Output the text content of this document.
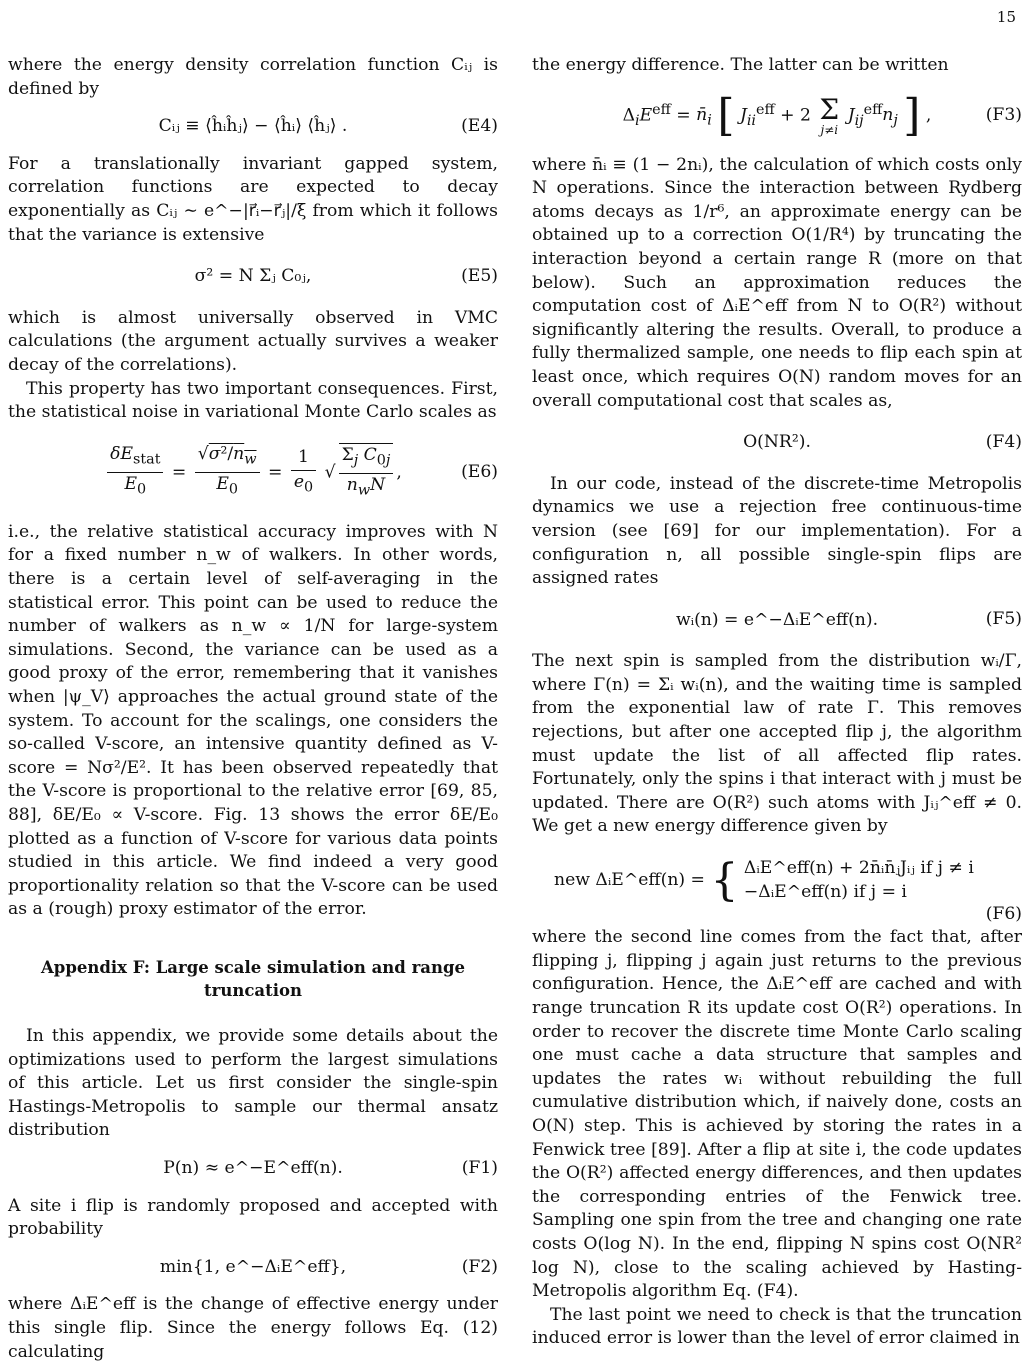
15

where the energy density correlation function Cᵢⱼ is defined by

Cᵢⱼ ≡ ⟨ĥᵢĥⱼ⟩ − ⟨ĥᵢ⟩ ⟨ĥⱼ⟩ .	(E4)

For a translationally invariant gapped system, correlation functions are expected to decay exponentially as Cᵢⱼ ∼ e^−|r⃗ᵢ−r⃗ⱼ|/ξ from which it follows that the variance is extensive

σ² = N Σⱼ C₀ⱼ,	(E5)

which is almost universally observed in VMC calculations (the argument actually survives a weaker decay of the correlations).

This property has two important consequences. First, the statistical noise in variational Monte Carlo scales as

$\frac{\delta E_{stat}}{E_0} = \frac{√\sigma^2/n_w}{E_0} = \frac{1}{e_0}$ √ $\frac{\Sigma_j C_{0j}}{n_wN}$ ,	(E6)

i.e., the relative statistical accuracy improves with N for a fixed number n_w of walkers. In other words, there is a certain level of self-averaging in the statistical error. This point can be used to reduce the number of walkers as n_w ∝ 1/N for large-system simulations. Second, the variance can be used as a good proxy of the error, remembering that it vanishes when |ψ_V⟩ approaches the actual ground state of the system. To account for the scalings, one considers the so-called V-score, an intensive quantity defined as V-score = Nσ²/E². It has been observed repeatedly that the V-score is proportional to the relative error [69, 85, 88], δE/E₀ ∝ V-score. Fig. 13 shows the error δE/E₀ plotted as a function of V-score for various data points studied in this article. We find indeed a very good proportionality relation so that the V-score can be used as a (rough) proxy estimator of the error.

Appendix F: Large scale simulation and range truncation

In this appendix, we provide some details about the optimizations used to perform the largest simulations of this article. Let us first consider the single-spin Hastings-Metropolis to sample our thermal ansatz distribution

P(n) ≈ e^−E^eff(n).	(F1)

A site i flip is randomly proposed and accepted with probability

min{1, e^−ΔᵢE^eff},	(F2)

where ΔᵢE^eff is the change of effective energy under this single flip. Since the energy follows Eq. (12) calculating

the energy difference. The latter can be written

$\Delta_iE^{eff}$ = $n̄_i$ [ $J_{ii}^{eff} + 2$ Σ
j≠i
$J_{ij}^{eff}n_j$ ] ,	(F3)

where n̄ᵢ ≡ (1 − 2nᵢ), the calculation of which costs only N operations. Since the interaction between Rydberg atoms decays as 1/r⁶, an approximate energy can be obtained up to a correction O(1/R⁴) by truncating the interaction beyond a certain range R (more on that below). Such an approximation reduces the computation cost of ΔᵢE^eff from N to O(R²) without significantly altering the results. Overall, to produce a fully thermalized sample, one needs to flip each spin at least once, which requires O(N) random moves for an overall computational cost that scales as,

O(NR²).	(F4)

In our code, instead of the discrete-time Metropolis dynamics we use a rejection free continuous-time version (see [69] for our implementation). For a configuration n, all possible single-spin flips are assigned rates

wᵢ(n) = e^−ΔᵢE^eff(n).	(F5)

The next spin is sampled from the distribution wᵢ/Γ, where Γ(n) = Σᵢ wᵢ(n), and the waiting time is sampled from the exponential law of rate Γ. This removes rejections, but after one accepted flip j, the algorithm must update the list of all affected flip rates. Fortunately, only the spins i that interact with j must be updated. There are O(R²) such atoms with Jᵢⱼ^eff ≠ 0. We get a new energy difference given by

new ΔᵢE^eff(n) = { ΔᵢE^eff(n) + 2n̄ᵢn̄ⱼJᵢⱼ if j ≠ i
−ΔᵢE^eff(n) if j = i
(F6)

where the second line comes from the fact that, after flipping j, flipping j again just returns to the previous configuration. Hence, the ΔᵢE^eff are cached and with range truncation R its update cost O(R²) operations. In order to recover the discrete time Monte Carlo scaling one must cache a data structure that samples and updates the rates wᵢ without rebuilding the full cumulative distribution which, if naively done, costs an O(N) step. This is achieved by storing the rates in a Fenwick tree [89]. After a flip at site i, the code updates the O(R²) affected energy differences, and then updates the corresponding entries of the Fenwick tree. Sampling one spin from the tree and changing one rate costs O(log N). In the end, flipping N spins cost O(NR² log N), close to the scaling achieved by Hasting-Metropolis algorithm Eq. (F4).

The last point we need to check is that the truncation induced error is lower than the level of error claimed in
